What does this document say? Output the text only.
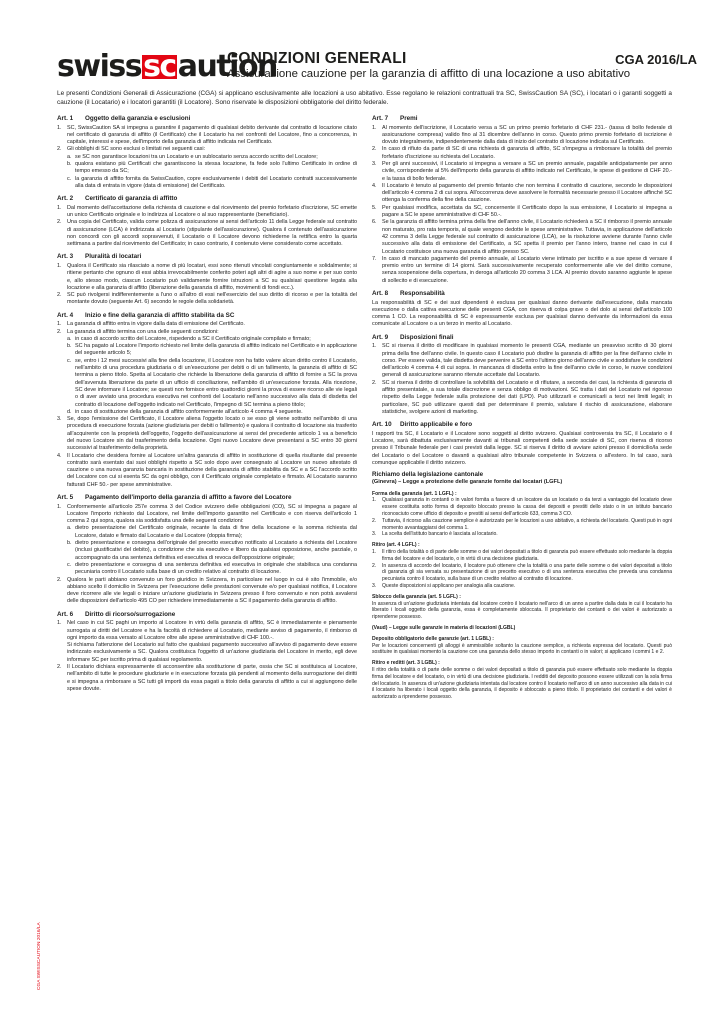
swiss sc aution
CONDIZIONI GENERALI
Assicurazione cauzione per la garanzia di affitto di una locazione a uso abitativo
CGA 2016/LA
Le presenti Condizioni Generali di Assicurazione (CGA) si applicano esclusivamente alle locazioni a uso abitativo. Esse regolano le relazioni contrattuali tra SC, SwissCaution SA (SC), i locatari o i garanti soggetti a cauzione (il Locatario) e i locatori garantiti (il Locatore). Sono riservate le disposizioni obbligatorie del diritto federale.
Art. 1 Oggetto della garanzia e esclusioni
1.	SC, SwissCaution SA si impegna a garantire il pagamento di qualsiasi debito derivante dal contratto di locazione citato nel certificato di garanzia di affitto (il Certificato) che il Locatario ha nei confronti del Locatore, fino a concorrenza, in capitale, interessi e spese, dell'importo della garanzia di affitto indicata nel Certificato.
2.	Gli obblighi di SC sono esclusi o limitati nei seguenti casi:
a. se SC non garantisce locazioni tra un Locatario e un sublocatario senza accordo scritto del Locatore;
b. qualora esistano più Certificati che garantiscono la stessa locazione, fa fede solo l'ultimo Certificato in ordine di tempo emesso da SC;
c. la garanzia di affitto fornita da SwissCaution, copre esclusivamente i debiti del Locatario contratti successivamente alla data di entrata in vigore (data di emissione) del Certificato.
Art. 2 Certificato di garanzia di affitto
1.	Dal momento dell'accettazione della richiesta di cauzione e dal ricevimento del premio forfetario d'iscrizione, SC emette un unico Certificato originale e lo indirizza al Locatore o al suo rappresentante (beneficiario).
2.	Una copia del Certificato, valida come polizza di assicurazione ai sensi dell'articolo 11 della Legge federale sul contratto di assicurazione (LCA) è indirizzata al Locatario (stipulante dell'assicurazione). Qualora il contenuto dell'assicurazione non concordi con gli accordi sopravvenuti, il Locatario o il Locatore devono richiederne la rettifica entro la quarta settimana a partire dal ricevimento del Certificato; in caso contrario, il contenuto viene considerato come accettato.
Art. 3 Pluralità di locatari
1.	Qualora il Certificato sia rilasciato a nome di più locatari, essi sono ritenuti vincolati congiuntamente e solidalmente; si ritiene pertanto che ognuno di essi abbia irrevocabilmente conferito poteri agli altri di agire a suo nome e per suo conto e, allo stesso modo, ciascun Locatario può validamente fornire istruzioni a SC su qualsiasi questione legata alla locazione e alla garanzia di affitto (liberazione della garanzia di affitto, movimenti di fondi ecc.).
2.	SC può rivolgersi indifferentemente a l'uno o all'altro di essi nell'esercizio del suo diritto di ricorso e per la totalità del montante dovuto (seguente Art. 6) secondo le regole della solidarietà.
Art. 4 Inizio e fine della garanzia di affitto stabilita da SC
1.	La garanzia di affitto entra in vigore dalla data di emissione del Certificato.
2.	La garanzia di affitto termina con una delle seguenti condizioni:
a. in caso di accordo scritto del Locatore, rispedendo a SC il Certificato originale compilato e firmato;
b. SC ha pagato al Locatore l'importo richiesto nel limite della garanzia di affitto indicato nel Certificato e in applicazione del seguente articolo 5;
c. se, entro i 12 mesi successivi alla fine della locazione, il Locatore non ha fatto valere alcun diritto contro il Locatario, nell'ambito di una procedura giudiziaria o di un'esecuzione per debiti o di un fallimento, la garanzia di affitto di SC termina a pieno titolo. Spetta al Locatario che richiede la liberazione della garanzia di affitto di fornire a SC la prova dell'avvenuta liberazione da parte di un ufficio di conciliazione, nell'ambito di un'esecuzione forzata. Alla ricezione, SC deve informare il Locatore; se questi non fornisce entro quattordici giorni la prova di essere ricorso alle vie legali o di aver avviato una procedura esecutiva nei confronti del Locatario nell'anno successivo alla data di disdetta del contratto di locazione dell'oggetto indicato nel Certificato, l'impegno di SC termina a pieno titolo;
d. in caso di sostituzione della garanzia di affitto conformemente all'articolo 4 comma 4 seguente.
3.	Se, dopo l'emissione del Certificato, il Locatore aliena l'oggetto locato o se esso gli viene sottratto nell'ambito di una procedura di esecuzione forzata (azione giudiziaria per debiti o fallimento) e qualora il contratto di locazione sia trasferito all'acquirente con la proprietà dell'oggetto, l'oggetto dell'assicurazione ai sensi del precedente articolo 1 va a beneficio del nuovo Locatore sin dal trasferimento della locazione. Ogni nuovo Locatore deve presentarsi a SC entro 30 giorni successivi al trasferimento della proprietà.
4.	Il Locatario che desidera fornire al Locatore un'altra garanzia di affitto in sostituzione di quella risultante dal presente contratto sarà esentato dai suoi obblighi rispetto a SC solo dopo aver consegnato al Locatore un nuovo attestato di cauzione o una nuova garanzia bancaria in sostituzione della garanzia di affitto stabilita da SC e a SC l'accordo scritto del Locatore con cui si esenta SC da ogni obbligo, con il Certificato originale completato e firmato. Al Locatario saranno fatturati CHF 50.- per spese amministrative.
Art. 5 Pagamento dell'importo della garanzia di affitto a favore del Locatore
1.	Conformemente all'articolo 257e comma 3 del Codice svizzero delle obbligazioni (CO), SC si impegna a pagare al Locatore l'importo richiesto dal Locatore, nel limite dell'importo garantito nel Certificato e con riserva dell'articolo 1 comma 2 qui sopra, qualora sia soddisfatta una delle seguenti condizioni:
a. dietro presentazione del Certificato originale, recante la data di fine della locazione e la somma richiesta dal Locatore, datato e firmato dal Locatario e dal Locatore (doppia firma);
b. dietro presentazione e consegna dell'originale del precetto esecutivo notificato al Locatario a richiesta del Locatore (inclusi giustificativi del debito), a condizione che sia esecutivo e libero da qualsiasi opposizione, anche parziale, o accompagnato da una sentenza definitiva ed esecutiva di revoca dell'opposizione originale;
c. dietro presentazione e consegna di una sentenza definitiva ed esecutiva in originale che stabilisca una condanna pecuniaria contro il Locatario sulla base di un credito relativo al contratto di locazione.
2.	Qualora le parti abbiano convenuto un foro giuridico in Svizzera, in particolare nel luogo in cui è sito l'immobile, e/o abbiano scelto il domicilio in Svizzera per l'esecuzione delle prestazioni convenute e/o per qualsiasi notifica, il Locatore deve ricorrere alle vie legali o iniziare un'azione giudiziaria in Svizzera presso il foro convenuto e non potrà avvalersi delle disposizioni dell'articolo 495 CO per richiedere immediatamente a SC il pagamento della garanzia di affitto.
Art. 6 Diritto di ricorso/surrogazione
1.	Nel caso in cui SC paghi un importo al Locatore in virtù della garanzia di affitto, SC è immediatamente e pienamente surrogata ai diritti del Locatore e ha la facoltà di richiedere al Locatario, mediante avviso di pagamento, il rimborso di ogni importo da essa versato al Locatore oltre alle spese amministrative di CHF 100.-.
Si richiama l'attenzione del Locatario sul fatto che qualsiasi pagamento successivo all'avviso di pagamento deve essere indirizzato esclusivamente a SC. Qualora costituisca l'oggetto di un'azione giudiziaria del Locatore in merito, egli deve informare SC per iscritto prima di qualsiasi regolamento.
2.	Il Locatario dichiara espressamente di acconsentire alla sostituzione di parte, ossia che SC si sostituisca al Locatore, nell'ambito di tutte le procedure giudiziarie e in esecuzione forzata già pendenti al momento della surrogazione dei diritti e si impegna a rimborsare a SC tutti gli importi da essa pagati a titolo della garanzia di affitto a cui si aggiungono delle spese dovute.
Art. 7 Premi
1.	Al momento dell'iscrizione, il Locatario versa a SC un primo premio forfetario di CHF 231.- (tassa di bollo federale di assicurazione compresa) valido fino al 31 dicembre dell'anno in corso. Questo primo premio forfetario di iscrizione è dovuto integralmente, indipendentemente dalla data di inizio del contratto di locazione indicata sul Certificato.
2.	In caso di rifiuto da parte di SC di una richiesta di garanzia di affitto, SC s'impegna a rimborsare la totalità del premio forfetario d'iscrizione su richiesta del Locatario.
3.	Per gli anni successivi, il Locatario si impegna a versare a SC un premio annuale, pagabile anticipatamente per anno civile, corrispondente al 5% dell'importo della garanzia di affitto indicato nel Certificato, le spese di gestione di CHF 20.- e la tassa di bollo federale.
4.	Il Locatario è tenuto al pagamento del premio fintanto che non termina il contratto di cauzione, secondo le disposizioni dell'articolo 4 comma 2 di cui sopra. All'occorrenza deve assolvere le formalità necessarie presso il Locatore affinché SC ottenga la conferma della fine della cauzione.
5.	Per qualsiasi modifica, accettata da SC, concernente il Certificato dopo la sua emissione, il Locatario si impegna a pagare a SC le spese amministrative di CHF 50.-.
6.	Se la garanzia di affitto termina prima della fine dell'anno civile, il Locatario richiederà a SC il rimborso il premio annuale non maturato, pro rata temporis, al quale vengono dedotte le spese amministrative. Tuttavia, in applicazione dell'articolo 42 comma 3 della Legge federale sul contratto di assicurazione (LCA), se la risoluzione avviene durante l'anno civile successivo alla data di emissione del Certificato, a SC spetta il premio per l'anno intero, tranne nel caso in cui il Locatario costituisce una nuova garanzia di affitto presso SC.
7.	In caso di mancato pagamento del premio annuale, al Locatario viene intimato per iscritto e a sue spese di versare il premio entro un termine di 14 giorni. Sarà successivamente recuperato conformemente alle vie del diritto comune, senza sospensione della copertura, in deroga all'articolo 20 comma 3 LCA. Al premio dovuto saranno aggiunte le spese di sollecito e di esecuzione.
Art. 8 Responsabilità

La responsabilità di SC e dei suoi dipendenti è esclusa per qualsiasi danno derivante dall'esecuzione, dalla mancata esecuzione o dalla cattiva esecuzione delle presenti CGA, con riserva di colpa grave o del dolo ai sensi dell'articolo 100 comma 1 CO. La responsabilità di SC è espressamente esclusa per qualsiasi danno derivante da informazioni da essa comunicate al Locatore o a un terzo in merito al Locatario.

Art. 9 Disposizioni finali
1.	SC si riserva il diritto di modificare in qualsiasi momento le presenti CGA, mediante un preavviso scritto di 30 giorni prima della fine dell'anno civile. In questo caso il Locatario può disdire la garanzia di affitto per la fine dell'anno civile in corso. Per essere valida, tale disdetta deve pervenire a SC entro l'ultimo giorno dell'anno civile e soddisfare le condizioni dell'articolo 4 comma 4 di cui sopra. In mancanza di disdetta entro la fine dell'anno civile in corso, le nuove condizioni generali di assicurazione saranno ritenute accettate dal Locatario.
2.	SC si riserva il diritto di controllare la solvibilità del Locatario e di rifiutare, a seconda dei casi, la richiesta di garanzia di affitto presentatale, a sua totale discrezione e senza obbligo di motivazioni. SC tratta i dati del Locatario nel rigoroso rispetto della Legge federale sulla protezione dei dati (LPD). Può utilizzarli e comunicarli a terzi nei limiti legali; in particolare, SC può utilizzare questi dati per determinare il premio, valutare il rischio di assicurazione, elaborare statistiche, svolgere azioni di marketing.
Art. 10 Diritto applicabile e foro

I rapporti tra SC, il Locatario e il Locatore sono soggetti al diritto svizzero. Qualsiasi controversia tra SC, il Locatario o il Locatore, sarà dibattuta esclusivamente davanti ai tribunali competenti della sede sociale di SC, con riserva di ricorso presso il Tribunale federale per i casi previsti dalla legge. SC si riserva il diritto di avviare azioni presso il domicilio/la sede del Locatario o del Locatore o davanti a qualsiasi altro tribunale competente in Svizzera o all'estero. In tal caso, sarà comunque applicabile il diritto svizzero.

Richiamo della legislazione cantonale
(Ginevra) – Legge a protezione delle garanzie fornite dai locatari (LGFL)
Forma della garanzia (art. 1 LGFL) :
1.	Qualsiasi garanzia in contanti o in valori fornita a favore di un locatore da un locatario o da terzi a vantaggio del locatario deve essere costituita sotto forma di deposito bloccato presso la cassa dei depositi e prestiti dello stato o in un istituto bancario riconosciuto come ufficio di deposito e prestiti ai sensi dell'articolo 633, comma 3 CO.
2.	Tuttavia, il ricorso alla cauzione semplice è autorizzato per le locazioni a uso abitativo, a richiesta del locatario. Questi può in ogni momento avvantaggiarsi del comma 1.
3.	La scelta dell'istituto bancario è lasciata al locatario.
Ritiro (art. 4 LGFL) :
1.	Il ritiro della totalità o di parte delle somme o dei valori depositati a titolo di garanzia può essere effettuato solo mediante la doppia firma del locatore e del locatario, o in virtù di una decisione giudiziaria.
2.	In assenza di accordo del locatario, il locatore può ottenere che la totalità o una parte delle somme o dei valori depositati a titolo di garanzia gli sia versata su presentazione di un precetto esecutivo o di una sentenza esecutiva che preveda una condanna pecuniaria contro il locatario, sulla base di un credito relativo al contratto di locazione.
3.	Queste disposizioni si applicano per analogia alla cauzione.
Sblocco della garanzia (art. 5 LGFL) :

In assenza di un'azione giudiziaria intentata dal locatore contro il locatario nell'arco di un anno a partire dalla data in cui il locatario ha liberato i locali oggetto della garanzia, essa è completamente sbloccata. Il proprietario dei contanti o dei valori è autorizzato a riprenderne possesso.

(Vaud) – Legge sulle garanzie in materia di locazioni (LGBL)
Deposito obbligatorio delle garanzie (art. 1 LGBL) :

Per le locazioni concernenti gli alloggi è ammissibile soltanto la cauzione semplice, a richiesta espressa del locatario. Questi può sostituire in qualsiasi momento la cauzione con una garanzia dello stesso importo in contanti o in valori; si applicano i commi 1 e 2.

Ritiro e reditti (art. 3 LGBL) :

Il ritiro della totalità o di parte delle somme o dei valori depositati a titolo di garanzia può essere effettuato solo mediante la doppia firma del locatore e del locatario, o in virtù di una decisione giudiziaria. I redditi del deposito possono essere utilizzati con la sola firma del locatario. In assenza di un'azione giudiziaria intentata dal locatore contro il locatario nell'arco di un anno successivo alla data in cui il locatario ha liberato i locali oggetto della garanzia, il deposito è sbloccato a pieno titolo. Il proprietario dei contanti e dei valori è autorizzato a riprenderne possesso.

CGA SWISSCAUTION 2016/LA
